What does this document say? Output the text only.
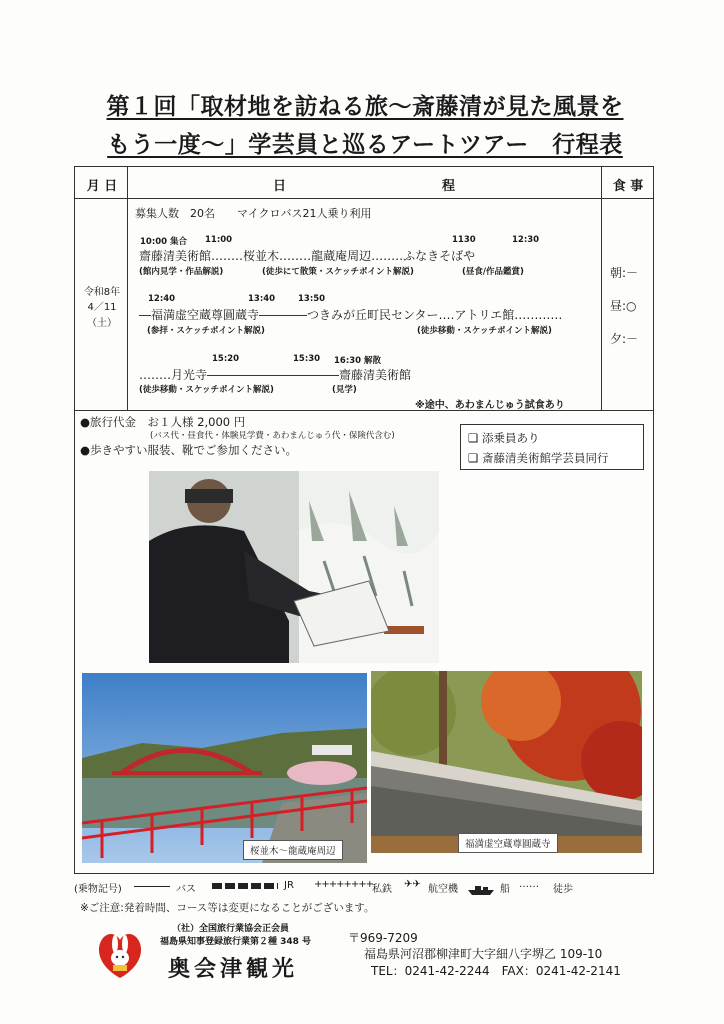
第１回「取材地を訪ねる旅～斎藤清が見た風景を
もう一度～」学芸員と巡るアートツアー　行程表
月 日	日　　　　　　　　　　　　程	食 事
令和8年
4／11
（土）
募集人数　20名　　マイクロバス21人乗り利用
10:00 集合 11:00	1130	12:30
齋藤清美術館‥‥‥‥桜並木‥‥‥‥龍蔵庵周辺‥‥‥‥ふなきそばや
(館内見学・作品解説)	(徒歩にて散策・スケッチポイント解説)	(昼食/作品鑑賞)
12:40	13:40	13:50
―福満虚空蔵尊圓蔵寺――――つきみが丘町民センター‥‥アトリエ館‥‥‥‥‥‥
(参拝・スケッチポイント解説)	(徒歩移動・スケッチポイント解説)
15:20	15:30 16:30 解散
‥‥‥‥月光寺―――――――――――齋藤清美術館
(徒歩移動・スケッチポイント解説)	(見学)
※途中、あわまんじゅう試食あり
朝:－
昼:○
夕:－
●旅行代金　お１人様 2,000 円
(バス代・昼食代・体験見学費・あわまんじゅう代・保険代含む)
●歩きやすい服装、靴でご参加ください。
❑ 添乗員あり
❑ 斎藤清美術館学芸員同行
桜並木～龍蔵庵周辺
福満虚空蔵尊圓蔵寺
(乗物記号)	バス	JR ++++++++
私鉄 ✈✈ 航空機	船 ‥‥‥ 徒歩
※ご注意:発着時間、コース等は変更になることがございます。
（社）全国旅行業協会正会員
福島県知事登録旅行業第２種 348 号
奥会津観光
〒969-7209
福島県河沼郡柳津町大字細八字堺乙 109-10
TEL：0241-42-2244　FAX：0241-42-2141
